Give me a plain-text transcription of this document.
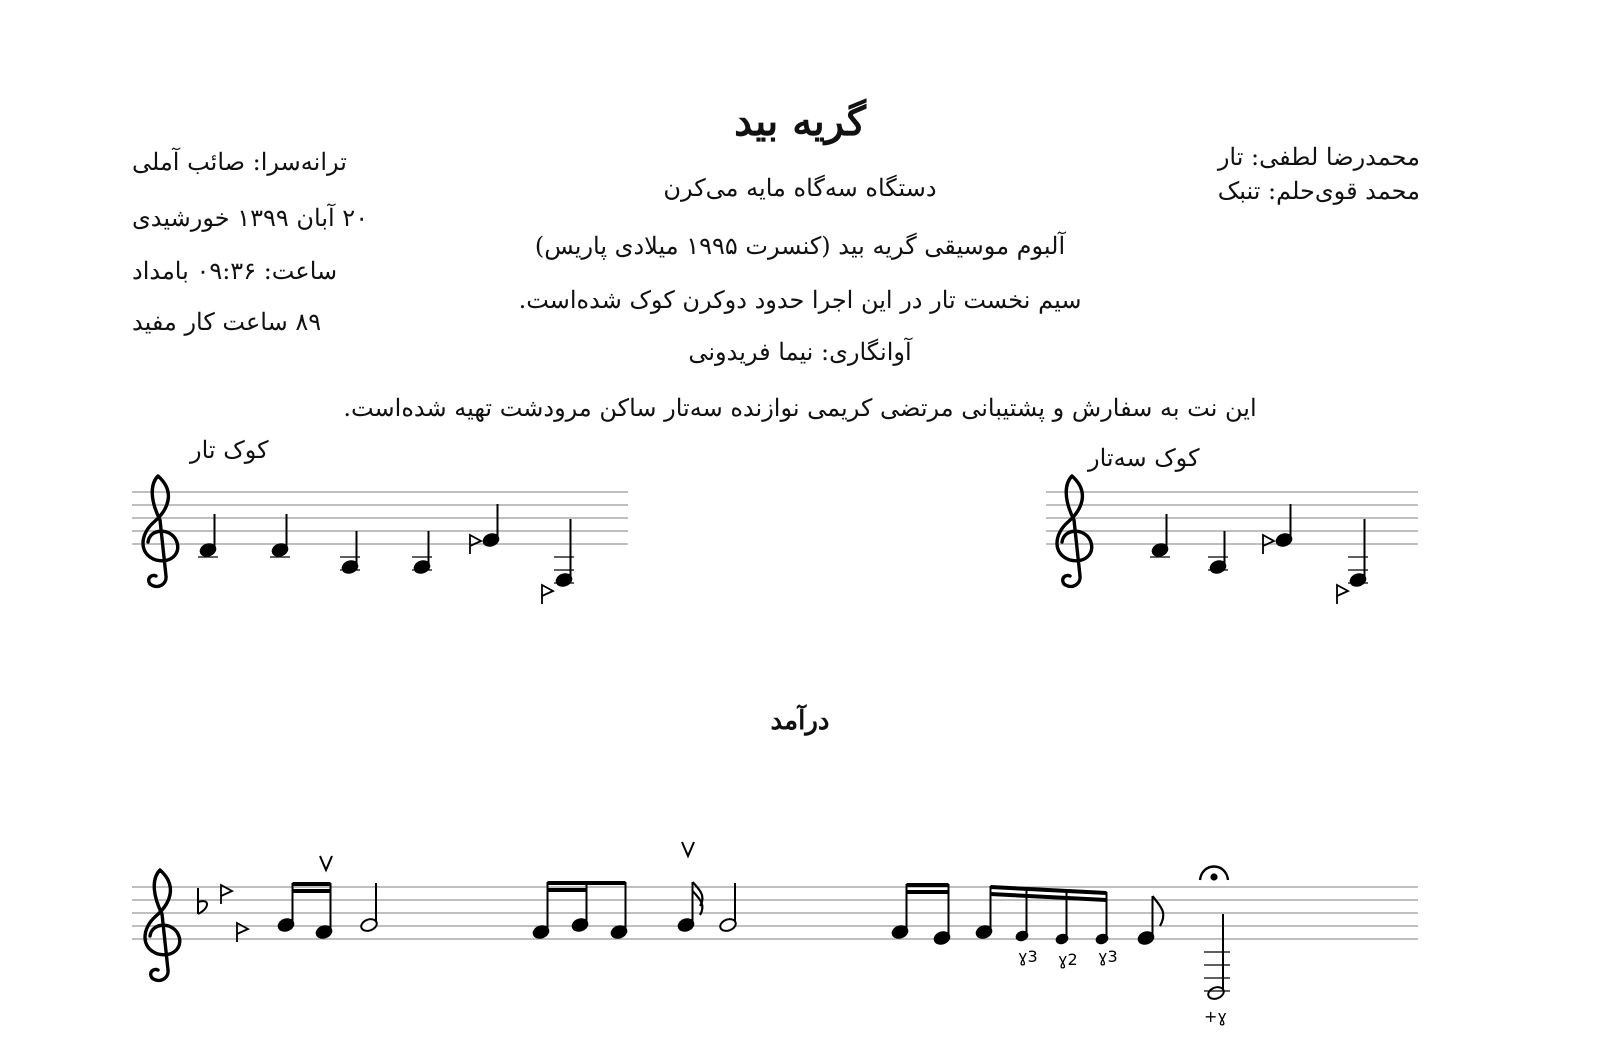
گریه بید
ترانه‌سرا: صائب آملی
۲۰ آبان ۱۳۹۹ خورشیدی
ساعت: ۰۹:۳۶ بامداد
۸۹ ساعت کار مفید
محمدرضا لطفی: تار
محمد قوی‌حلم: تنبک
دستگاه سه‌گاه مایه می‌کرن
آلبوم موسیقی گریه بید (کنسرت ۱۹۹۵ میلادی پاریس)
سیم نخست تار در این اجرا حدود دوکرن کوک شده‌است.
آوانگاری: نیما فریدونی
این نت به سفارش و پشتیبانی مرتضی کریمی نوازنده سه‌تار ساکن مرودشت تهیه شده‌است.
کوک تار	کوک سه‌تار
درآمد
ɣ3 ɣ2 ɣ3
+ɣ
